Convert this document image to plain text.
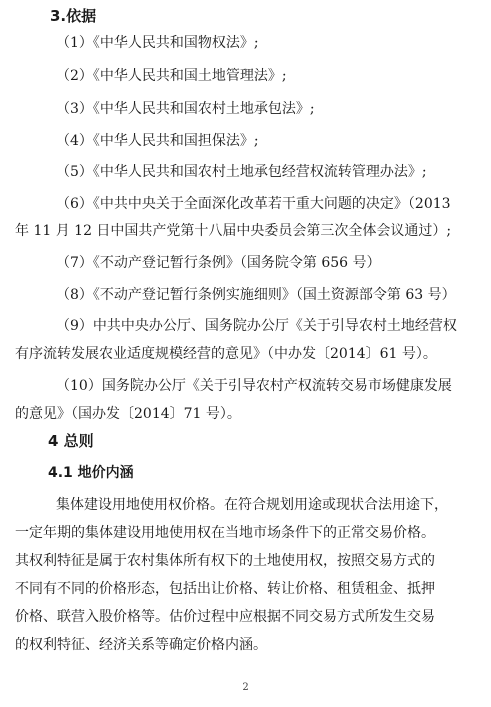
3.依据
（1）《中华人民共和国物权法》;
（2）《中华人民共和国土地管理法》;
（3）《中华人民共和国农村土地承包法》;
（4）《中华人民共和国担保法》;
（5）《中华人民共和国农村土地承包经营权流转管理办法》;
（6）《中共中央关于全面深化改革若干重大问题的决定》（2013
年 11 月 12 日中国共产党第十八届中央委员会第三次全体会议通过）;
（7）《不动产登记暂行条例》（国务院令第 656 号）
（8）《不动产登记暂行条例实施细则》（国土资源部令第 63 号）
（9）中共中央办公厅、国务院办公厅《关于引导农村土地经营权
有序流转发展农业适度规模经营的意见》（中办发〔2014〕61 号）。
（10）国务院办公厅《关于引导农村产权流转交易市场健康发展
的意见》（国办发〔2014〕71 号）。
4 总则
4.1 地价内涵
集体建设用地使用权价格。在符合规划用途或现状合法用途下，
一定年期的集体建设用地使用权在当地市场条件下的正常交易价格。
其权利特征是属于农村集体所有权下的土地使用权，按照交易方式的
不同有不同的价格形态，包括出让价格、转让价格、租赁租金、抵押
价格、联营入股价格等。估价过程中应根据不同交易方式所发生交易
的权利特征、经济关系等确定价格内涵。
2
